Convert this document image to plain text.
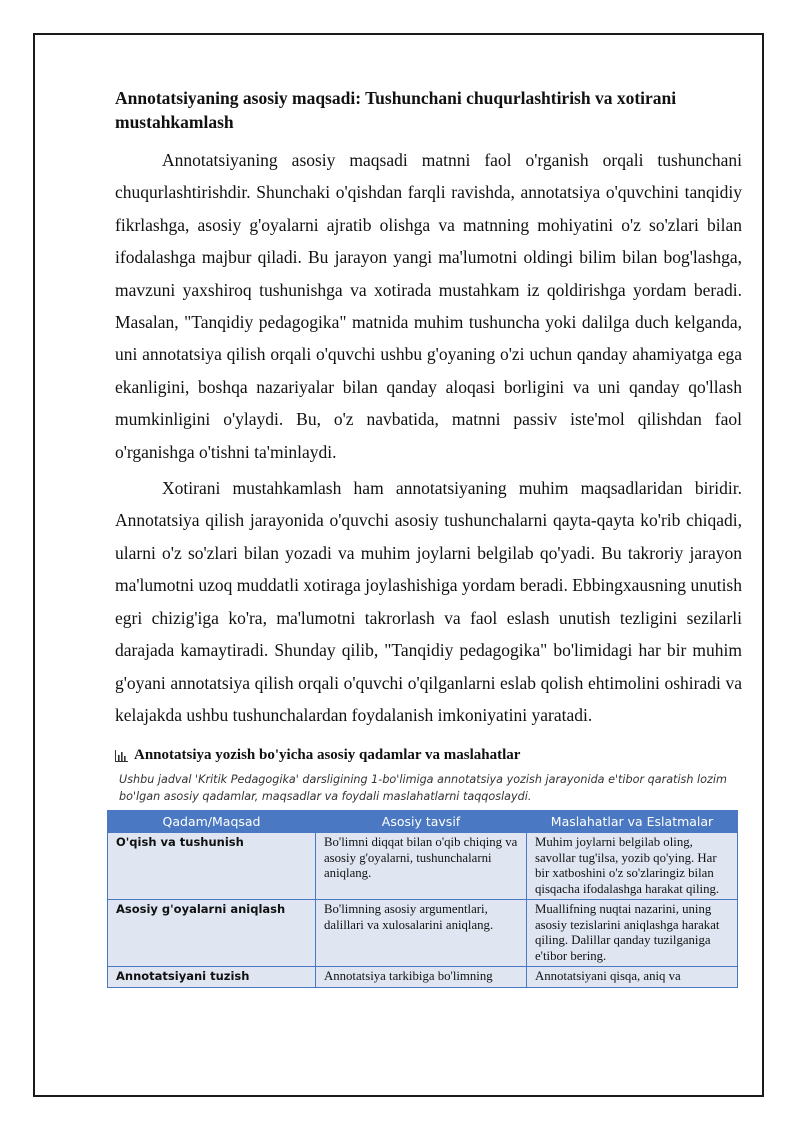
Annotatsiyaning asosiy maqsadi: Tushunchani chuqurlashtirish va xotirani mustahkamlash

Annotatsiyaning asosiy maqsadi matnni faol o'rganish orqali tushunchani chuqurlashtirishdir. Shunchaki o'qishdan farqli ravishda, annotatsiya o'quvchini tanqidiy fikrlashga, asosiy g'oyalarni ajratib olishga va matnning mohiyatini o'z so'zlari bilan ifodalashga majbur qiladi. Bu jarayon yangi ma'lumotni oldingi bilim bilan bog'lashga, mavzuni yaxshiroq tushunishga va xotirada mustahkam iz qoldirishga yordam beradi. Masalan, "Tanqidiy pedagogika" matnida muhim tushuncha yoki dalilga duch kelganda, uni annotatsiya qilish orqali o'quvchi ushbu g'oyaning o'zi uchun qanday ahamiyatga ega ekanligini, boshqa nazariyalar bilan qanday aloqasi borligini va uni qanday qo'llash mumkinligini o'ylaydi. Bu, o'z navbatida, matnni passiv iste'mol qilishdan faol o'rganishga o'tishni ta'minlaydi.

Xotirani mustahkamlash ham annotatsiyaning muhim maqsadlaridan biridir. Annotatsiya qilish jarayonida o'quvchi asosiy tushunchalarni qayta-qayta ko'rib chiqadi, ularni o'z so'zlari bilan yozadi va muhim joylarni belgilab qo'yadi. Bu takroriy jarayon ma'lumotni uzoq muddatli xotiraga joylashishiga yordam beradi. Ebbingxausning unutish egri chizig'iga ko'ra, ma'lumotni takrorlash va faol eslash unutish tezligini sezilarli darajada kamaytiradi. Shunday qilib, "Tanqidiy pedagogika" bo'limidagi har bir muhim g'oyani annotatsiya qilish orqali o'quvchi o'qilganlarni eslab qolish ehtimolini oshiradi va kelajakda ushbu tushunchalardan foydalanish imkoniyatini yaratadi.

Annotatsiya yozish bo'yicha asosiy qadamlar va maslahatlar
Ushbu jadval 'Kritik Pedagogika' darsligining 1-bo'limiga annotatsiya yozish jarayonida e'tibor qaratish lozim bo'lgan asosiy qadamlar, maqsadlar va foydali maslahatlarni taqqoslaydi.
Qadam/Maqsad	Asosiy tavsif	Maslahatlar va Eslatmalar
O'qish va tushunish	Bo'limni diqqat bilan o'qib chiqing va asosiy g'oyalarni, tushunchalarni aniqlang.	Muhim joylarni belgilab oling, savollar tug'ilsa, yozib qo'ying. Har bir xatboshini o'z so'zlaringiz bilan qisqacha ifodalashga harakat qiling.
Asosiy g'oyalarni aniqlash	Bo'limning asosiy argumentlari, dalillari va xulosalarini aniqlang.	Muallifning nuqtai nazarini, uning asosiy tezislarini aniqlashga harakat qiling. Dalillar qanday tuzilganiga e'tibor bering.
Annotatsiyani tuzish	Annotatsiya tarkibiga bo'limning	Annotatsiyani qisqa, aniq va
